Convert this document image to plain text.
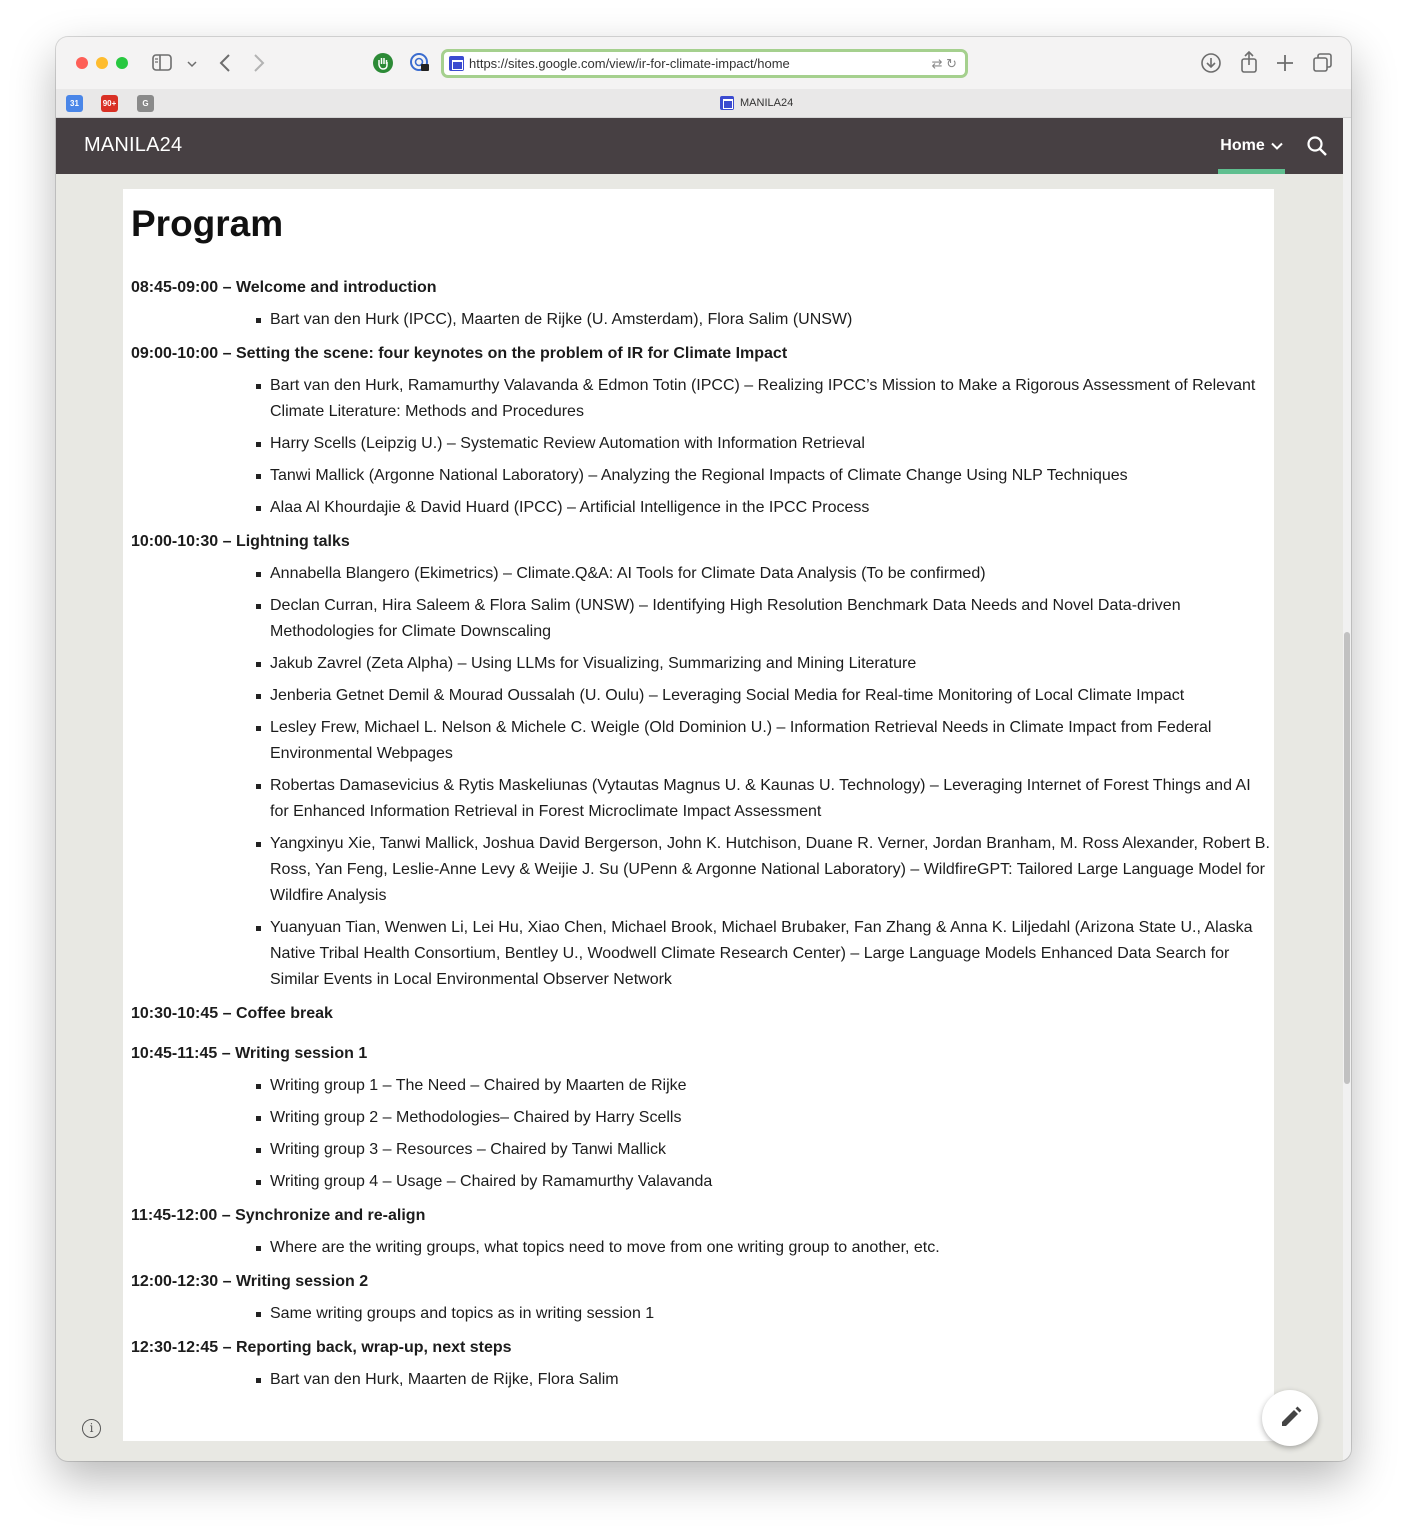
https://sites.google.com/view/ir-for-climate-impact/home	⇄ ↻
31	90+	G	MANILA24
MANILA24	Home
Program
08:45-09:00 – Welcome and introduction
Bart van den Hurk (IPCC), Maarten de Rijke (U. Amsterdam), Flora Salim (UNSW)
09:00-10:00 – Setting the scene: four keynotes on the problem of IR for Climate Impact
Bart van den Hurk, Ramamurthy Valavanda & Edmon Totin (IPCC) – Realizing IPCC’s Mission to Make a Rigorous Assessment of Relevant Climate Literature: Methods and Procedures
Harry Scells (Leipzig U.) – Systematic Review Automation with Information Retrieval
Tanwi Mallick (Argonne National Laboratory) – Analyzing the Regional Impacts of Climate Change Using NLP Techniques
Alaa Al Khourdajie & David Huard (IPCC) – Artificial Intelligence in the IPCC Process
10:00-10:30 – Lightning talks
Annabella Blangero (Ekimetrics) – Climate.Q&A: AI Tools for Climate Data Analysis (To be confirmed)
Declan Curran, Hira Saleem & Flora Salim (UNSW) – Identifying High Resolution Benchmark Data Needs and Novel Data-driven Methodologies for Climate Downscaling
Jakub Zavrel (Zeta Alpha) – Using LLMs for Visualizing, Summarizing and Mining Literature
Jenberia Getnet Demil & Mourad Oussalah (U. Oulu) – Leveraging Social Media for Real-time Monitoring of Local Climate Impact
Lesley Frew, Michael L. Nelson & Michele C. Weigle (Old Dominion U.) – Information Retrieval Needs in Climate Impact from Federal Environmental Webpages
Robertas Damasevicius & Rytis Maskeliunas (Vytautas Magnus U. & Kaunas U. Technology) – Leveraging Internet of Forest Things and AI for Enhanced Information Retrieval in Forest Microclimate Impact Assessment
Yangxinyu Xie, Tanwi Mallick, Joshua David Bergerson, John K. Hutchison, Duane R. Verner, Jordan Branham, M. Ross Alexander, Robert B. Ross, Yan Feng, Leslie-Anne Levy & Weijie J. Su (UPenn & Argonne National Laboratory) – WildfireGPT: Tailored Large Language Model for Wildfire Analysis
Yuanyuan Tian, Wenwen Li, Lei Hu, Xiao Chen, Michael Brook, Michael Brubaker, Fan Zhang & Anna K. Liljedahl (Arizona State U., Alaska Native Tribal Health Consortium, Bentley U., Woodwell Climate Research Center) – Large Language Models Enhanced Data Search for Similar Events in Local Environmental Observer Network
10:30-10:45 – Coffee break
10:45-11:45 – Writing session 1
Writing group 1 – The Need – Chaired by Maarten de Rijke
Writing group 2 – Methodologies– Chaired by Harry Scells
Writing group 3 – Resources – Chaired by Tanwi Mallick
Writing group 4 – Usage – Chaired by Ramamurthy Valavanda
11:45-12:00 – Synchronize and re-align
Where are the writing groups, what topics need to move from one writing group to another, etc.
12:00-12:30 – Writing session 2
Same writing groups and topics as in writing session 1
12:30-12:45 – Reporting back, wrap-up, next steps
Bart van den Hurk, Maarten de Rijke, Flora Salim
i
